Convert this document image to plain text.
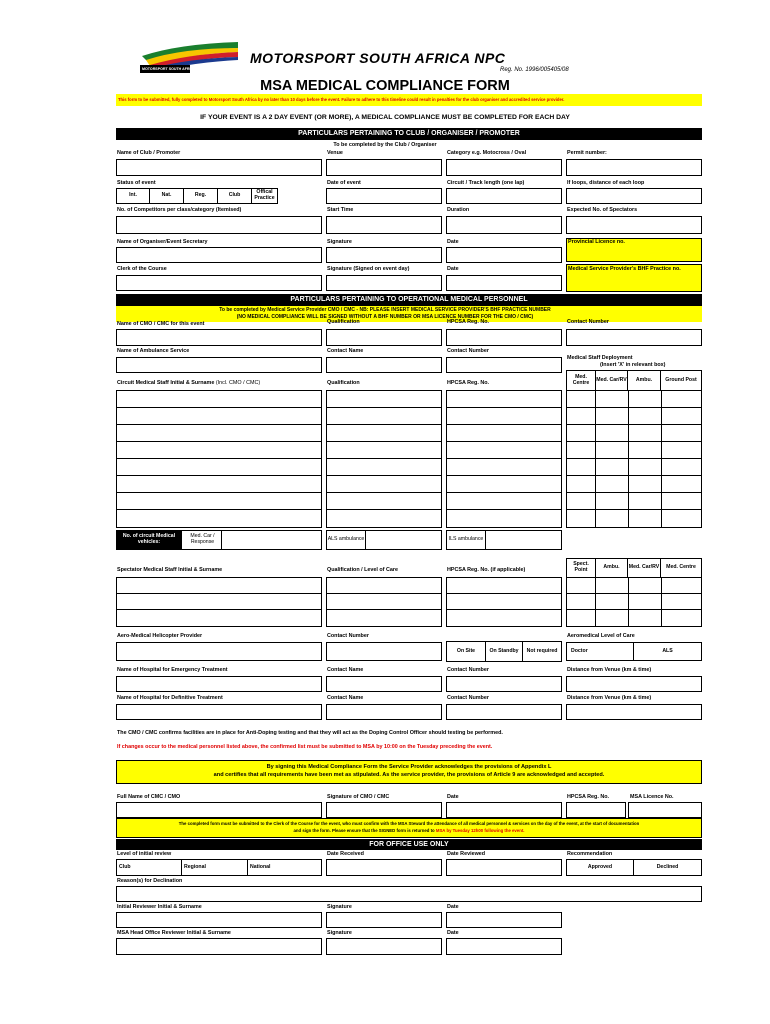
MOTORSPORT SOUTH AFRICA
MOTORSPORT SOUTH AFRICA NPC
Reg. No. 1996/005405/08
MSA MEDICAL COMPLIANCE FORM
This form to be submitted, fully completed to Motorsport South Africa by no later than 10 days before the event. Failure to adhere to this timeline could result in penalties for the club organiser and accredited service provider.
IF YOUR EVENT IS A 2 DAY EVENT (OR MORE), A MEDICAL COMPLIANCE MUST BE COMPLETED FOR EACH DAY
PARTICULARS PERTAINING TO CLUB / ORGANISER / PROMOTER
To be completed by the Club / Organiser
Name of Club / Promoter	Venue	Category e.g. Motocross / Oval	Permit number:
Status of event	Date of event	Circuit / Track length (one lap)	If loops, distance of each loop
Int.	Nat.	Reg.	Club	Offical Practice
No. of Competitors per class/category (Itemised)	Start Time	Duration	Expected No. of Spectators
Name of Organiser/Event Secretary	Signature	Date	Provincial Licence no.
Clerk of the Course	Signature (Signed on event day)	Date	Medical Service Provider's BHF Practice no.
PARTICULARS PERTAINING TO OPERATIONAL MEDICAL PERSONNEL
To be completed by Medical Service Provider CMO / CMC - NB: PLEASE INSERT MEDICAL SERVICE PROVIDER'S BHF PRACTICE NUMBER
(NO MEDICAL COMPLIANCE WILL BE SIGNED WITHOUT A BHF NUMBER OR MSA LICENCE NUMBER FOR THE CMO / CMC)
Name of CMO / CMC for this event	Qualification	HPCSA Reg. No.	Contact Number
Name of Ambulance Service	Contact Name	Contact Number
Medical Staff Deployment
(Insert 'X' in relevant box)
Circuit Medical Staff Initial & Surname (Incl. CMO / CMC)	Qualification	HPCSA Reg. No.
Med. Centre	Med. Car/RV	Ambu.	Ground Post
No. of circuit Medical vehicles:
Med. Car / Response	ALS ambulance	ILS ambulance
Spectator Medical Staff Initial & Surname	Qualification / Level of Care	HPCSA Reg. No. (if applicable)
Spect. Point	Ambu.	Med. Car/RV	Med. Centre
Aero-Medical Helicopter Provider	Contact Number	Aeromedical Level of Care
On Site	On Standby	Not required	Doctor	ALS
Name of Hospital for Emergency Treatment	Contact Name	Contact Number	Distance from Venue (km & time)
Name of Hospital for Definitive Treatment	Contact Name	Contact Number	Distance from Venue (km & time)
The CMO / CMC confirms facilities are in place for Anti-Doping testing and that they will act as the Doping Control Officer should testing be performed.
If changes occur to the medical personnel listed above, the confirmed list must be submitted to MSA by 10:00 on the Tuesday preceding the event.
By signing this Medical Compliance Form the Service Provider acknowledges the provisions of Appendix L
and certifies that all requirements have been met as stipulated. As the service provider, the provisions of Article 9 are acknowledged and accepted.
Full Name of CMC / CMO	Signature of CMO / CMC	Date	HPCSA Reg. No.	MSA Licence No.
The completed form must be submitted to the Clerk of the Course for the event, who must confirm with the MSA Steward the attendance of all medical personnel & services on the day of the event, at the start of documentation
and sign the form. Please ensure that the SIGNED form is returned to MSA by Tuesday 12h00 following the event.
FOR OFFICE USE ONLY
Level of initial review	Date Received	Date Reviewed	Recommendation
Club	Regional	National	Approved	Declined
Reason(s) for Declination
Initial Reviewer Initial & Surname	Signature	Date
MSA Head Office Reviewer Initial & Surname	Signature	Date
